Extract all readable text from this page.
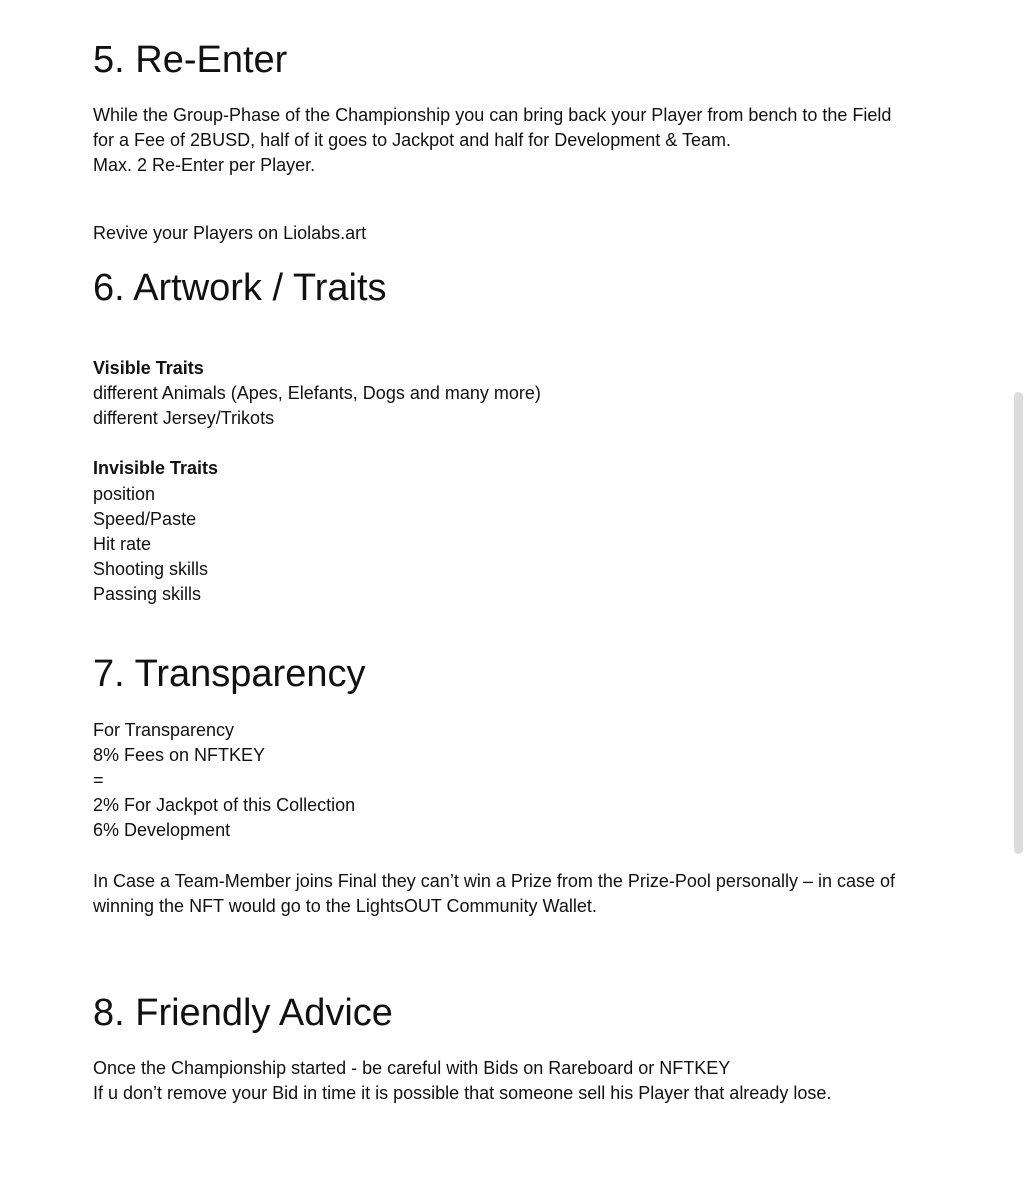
5. Re-Enter

While the Group-Phase of the Championship you can bring back your Player from bench to the Field

for a Fee of 2BUSD, half of it goes to Jackpot and half for Development & Team.

Max. 2 Re-Enter per Player.

Revive your Players on Liolabs.art

6. Artwork / Traits

Visible Traits

different Animals (Apes, Elefants, Dogs and many more)

different Jersey/Trikots

Invisible Traits

position

Speed/Paste

Hit rate

Shooting skills

Passing skills

7. Transparency

For Transparency

8% Fees on NFTKEY

=

2% For Jackpot of this Collection

6% Development

In Case a Team-Member joins Final they can’t win a Prize from the Prize-Pool personally – in case of

winning the NFT would go to the LightsOUT Community Wallet.

8. Friendly Advice

Once the Championship started - be careful with Bids on Rareboard or NFTKEY

If u don’t remove your Bid in time it is possible that someone sell his Player that already lose.
